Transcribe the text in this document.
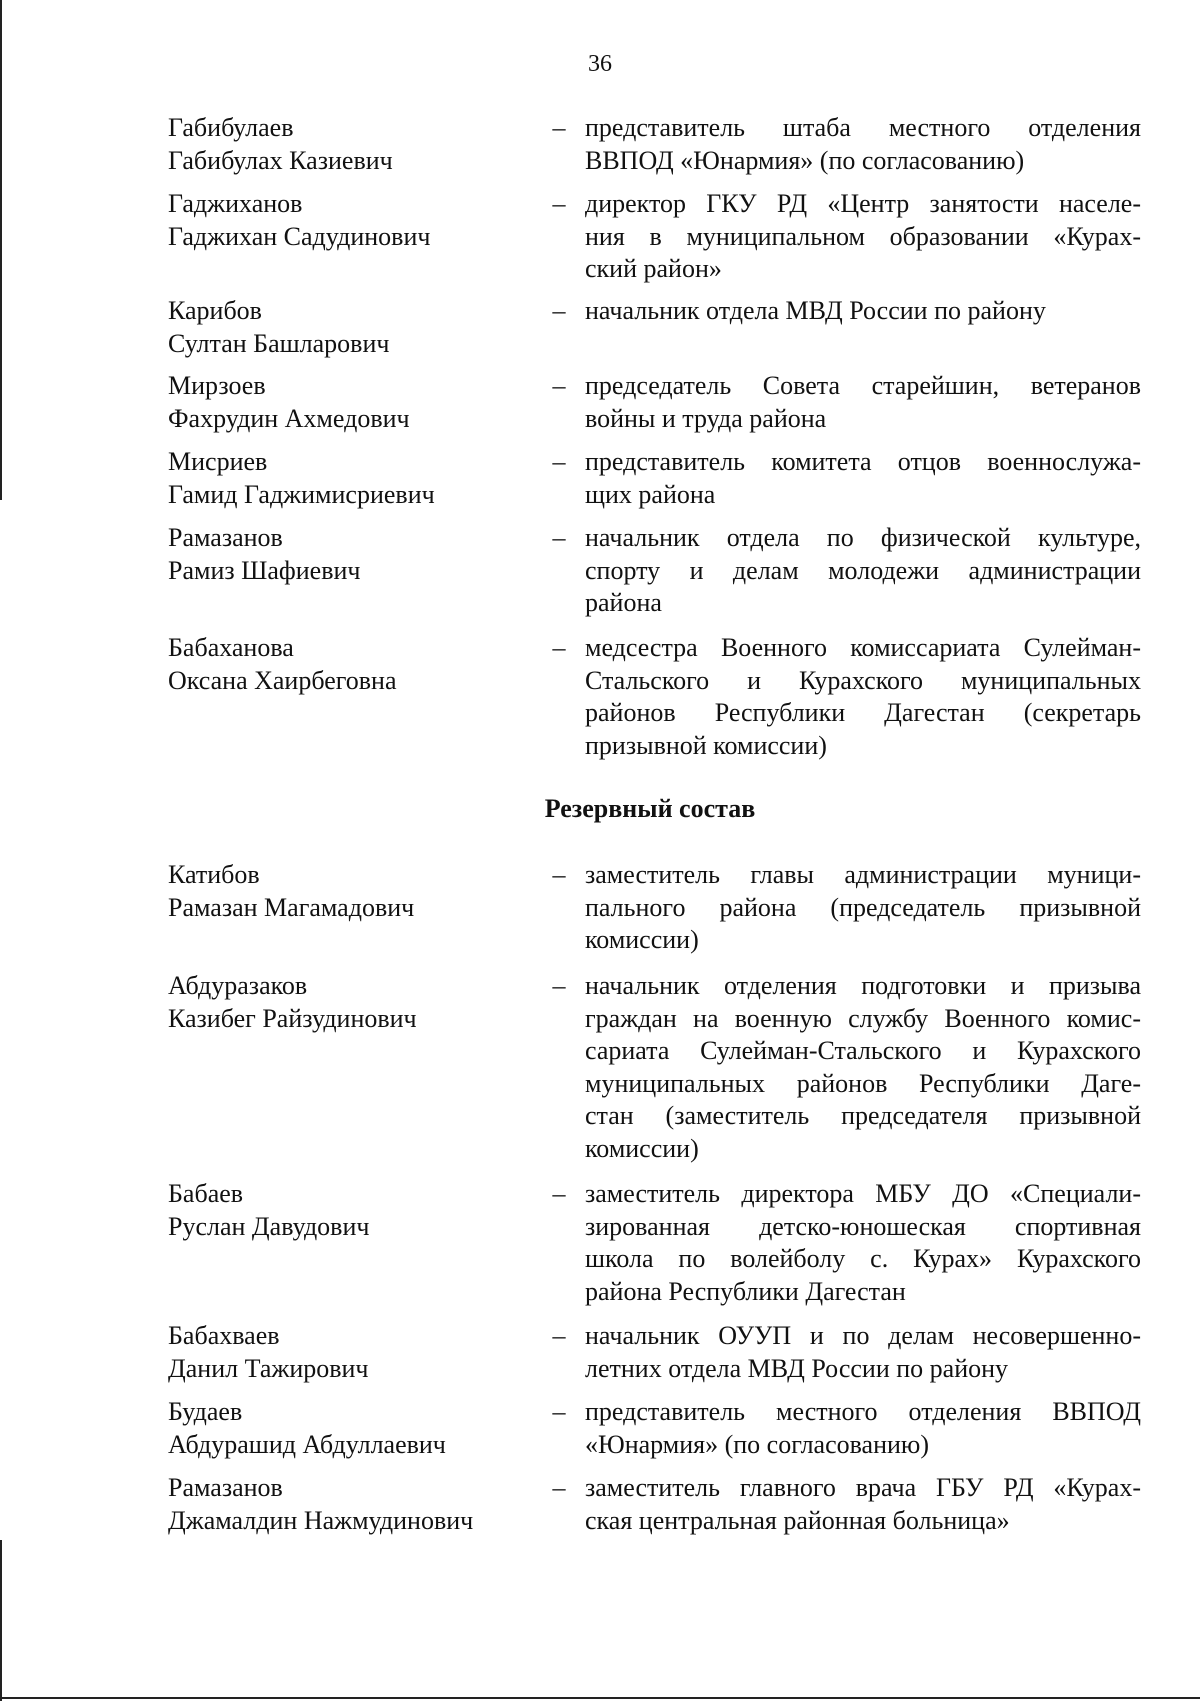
36
Габибулаев
Габибулах Казиевич
– представитель штаба местного отделения
ВВПОД «Юнармия» (по согласованию)
Гаджиханов
Гаджихан Садудинович
– директор ГКУ РД «Центр занятости населе-
ния в муниципальном образовании «Курах-
ский район»
Карибов
Султан Башларович
– начальник отдела МВД России по району
Мирзоев
Фахрудин Ахмедович
– председатель Совета старейшин, ветеранов
войны и труда района
Мисриев
Гамид Гаджимисриевич
– представитель комитета отцов военнослужа-
щих района
Рамазанов
Рамиз Шафиевич
– начальник отдела по физической культуре,
спорту и делам молодежи администрации
района
Бабаханова
Оксана Хаирбеговна
– медсестра Военного комиссариата Сулейман-
Стальского и Курахского муниципальных
районов Республики Дагестан (секретарь
призывной комиссии)
Резервный состав
Катибов
Рамазан Магамадович
– заместитель главы администрации муници-
пального района (председатель призывной
комиссии)
Абдуразаков
Казибег Райзудинович
– начальник отделения подготовки и призыва
граждан на военную службу Военного комис-
сариата Сулейман-Стальского и Курахского
муниципальных районов Республики Даге-
стан (заместитель председателя призывной
комиссии)
Бабаев
Руслан Давудович
– заместитель директора МБУ ДО «Специали-
зированная детско-юношеская спортивная
школа по волейболу с. Курах» Курахского
района Республики Дагестан
Бабахваев
Данил Тажирович
– начальник ОУУП и по делам несовершенно-
летних отдела МВД России по району
Будаев
Абдурашид Абдуллаевич
– представитель местного отделения ВВПОД
«Юнармия» (по согласованию)
Рамазанов
Джамалдин Нажмудинович
– заместитель главного врача ГБУ РД «Курах-
ская центральная районная больница»
